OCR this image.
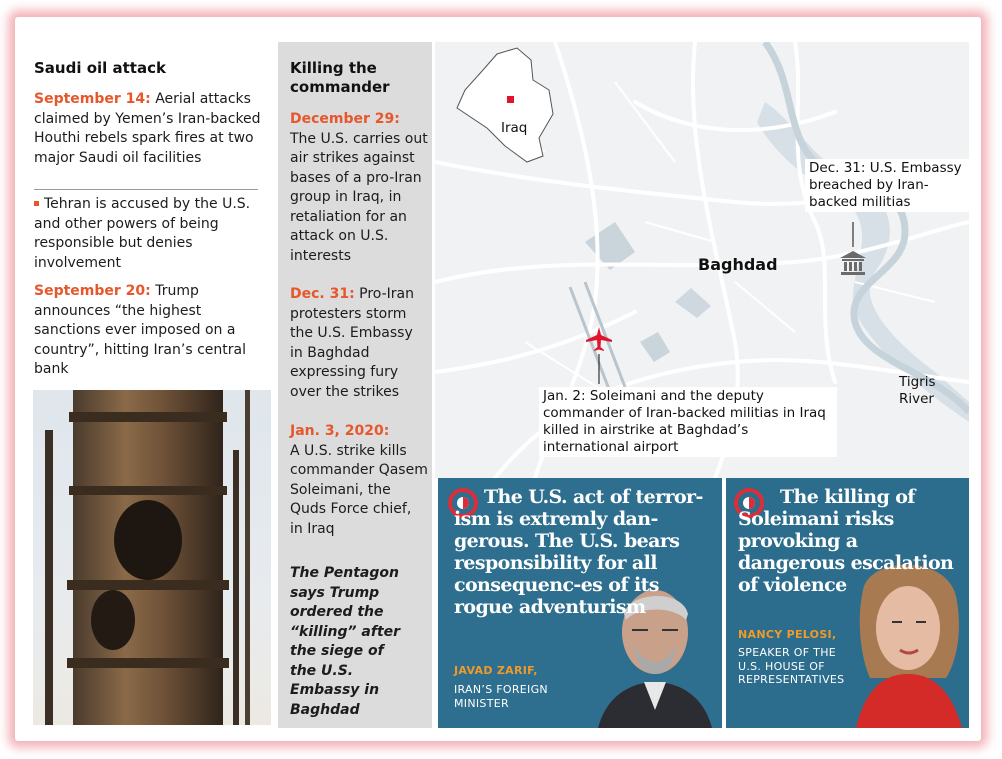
Saudi oil attack
September 14: Aerial attacks claimed by Yemen’s Iran-backed Houthi rebels spark fires at two major Saudi oil facilities
Tehran is accused by the U.S. and other powers of being responsible but denies involvement
September 20: Trump announces “the highest sanctions ever imposed on a country”, hitting Iran’s central bank
Killing the commander
December 29:
The U.S. carries out air strikes against bases of a pro-Iran group in Iraq, in retaliation for an attack on U.S. interests
Dec. 31: Pro-Iran protesters storm the U.S. Embassy in Baghdad expressing fury over the strikes
Jan. 3, 2020:
A U.S. strike kills commander Qasem Soleimani, the Quds Force chief, in Iraq
The Pentagon says Trump ordered the “killing” after the siege of the U.S. Embassy in Baghdad
Iraq
Baghdad
Dec. 31: U.S. Embassy breached by Iran-backed militias
Jan. 2: Soleimani and the deputy commander of Iran-backed militias in Iraq killed in airstrike at Baghdad’s international airport
Tigris River
The U.S. act of terror-ism is extremly dan-gerous. The U.S. bears responsibility for all consequenc-es of its rogue adventurism
JAVAD ZARIF,
IRAN’S FOREIGN MINISTER
The killing of Soleimani risks provoking a dangerous escalation of violence
NANCY PELOSI,
SPEAKER OF THE U.S. HOUSE OF REPRESENTATIVES
